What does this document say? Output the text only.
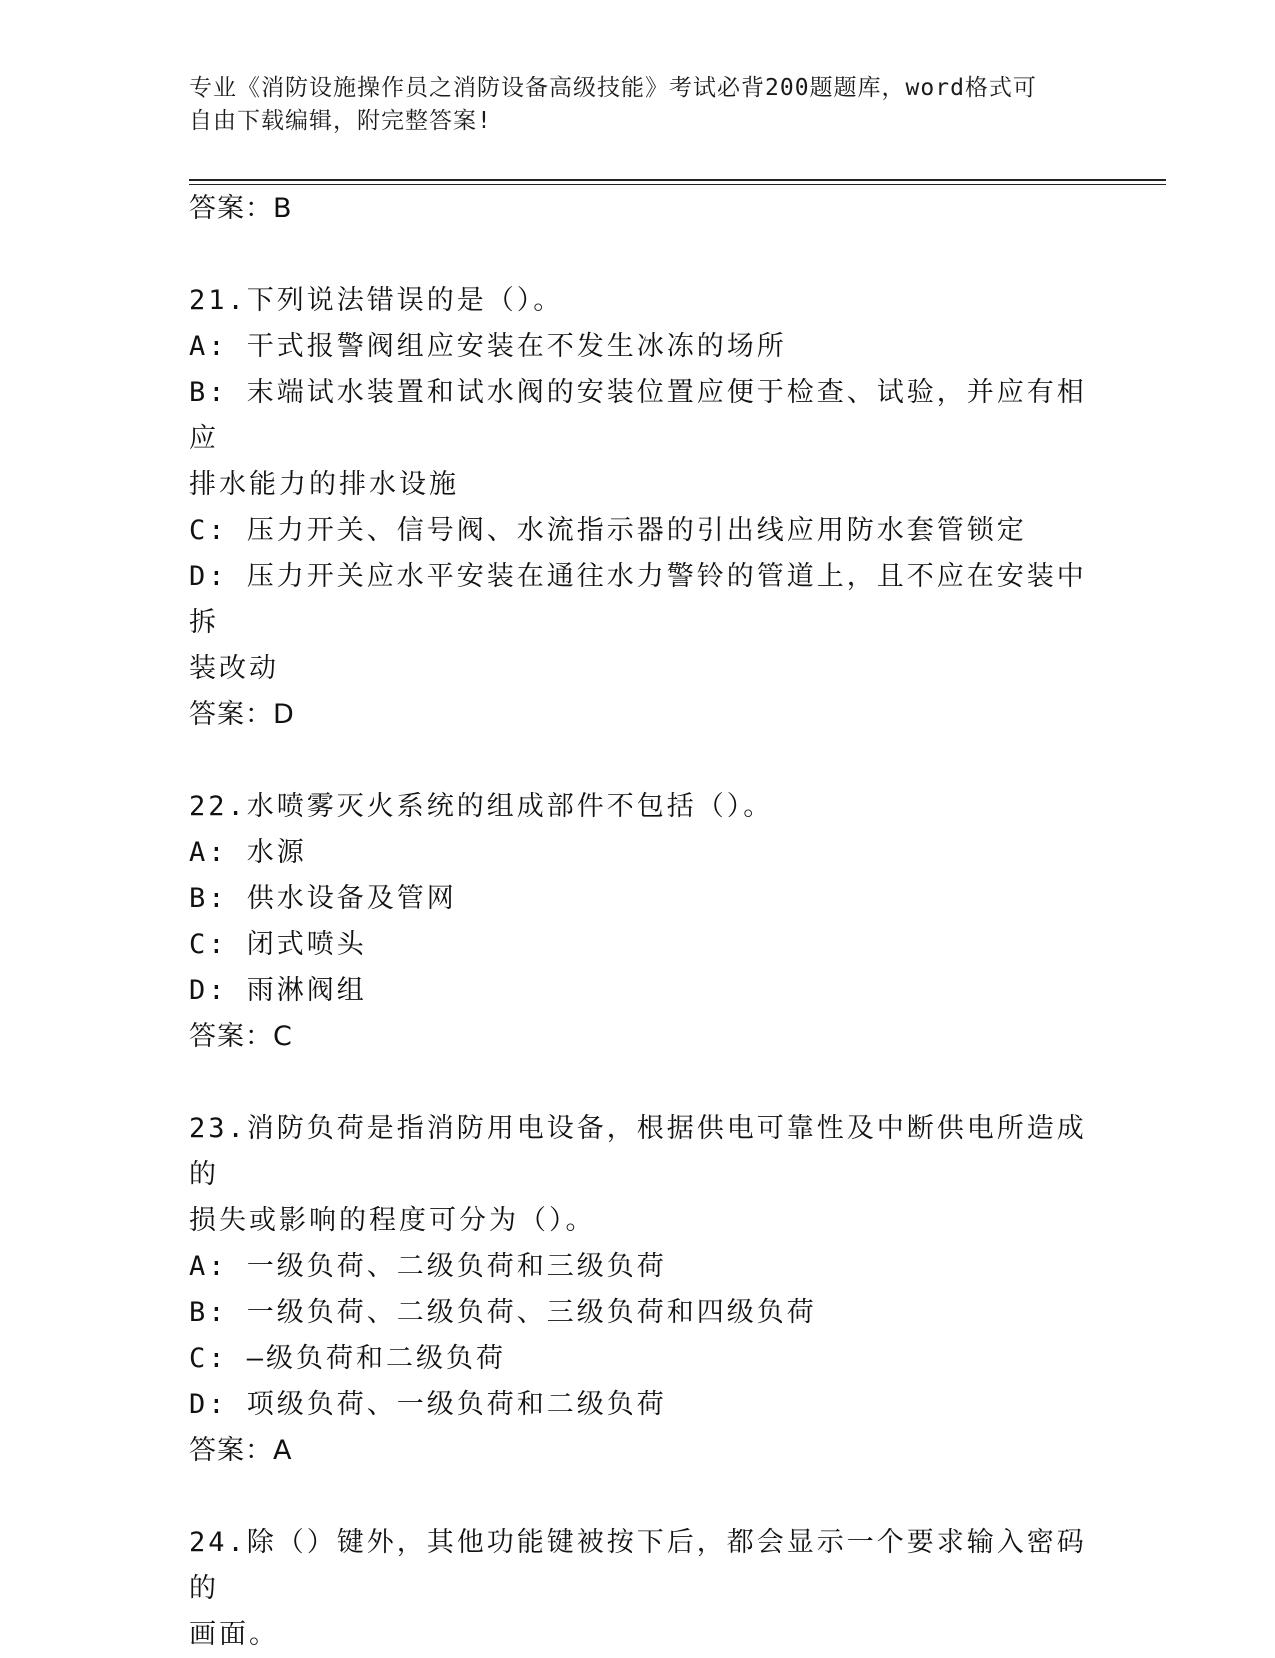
专业《消防设施操作员之消防设备高级技能》考试必背200题题库，word格式可
自由下载编辑，附完整答案!

答案：B

21.下列说法错误的是（）。

A: 干式报警阀组应安装在不发生冰冻的场所

B: 末端试水装置和试水阀的安装位置应便于检查、试验，并应有相应

排水能力的排水设施

C: 压力开关、信号阀、水流指示器的引出线应用防水套管锁定

D: 压力开关应水平安装在通往水力警铃的管道上，且不应在安装中拆

装改动

答案：D

22.水喷雾灭火系统的组成部件不包括（）。

A: 水源

B: 供水设备及管网

C: 闭式喷头

D: 雨淋阀组

答案：C

23.消防负荷是指消防用电设备，根据供电可靠性及中断供电所造成的

损失或影响的程度可分为（）。

A: 一级负荷、二级负荷和三级负荷

B: 一级负荷、二级负荷、三级负荷和四级负荷

C: —级负荷和二级负荷

D: 项级负荷、一级负荷和二级负荷

答案：A

24.除（）键外，其他功能键被按下后，都会显示一个要求输入密码的

画面。
